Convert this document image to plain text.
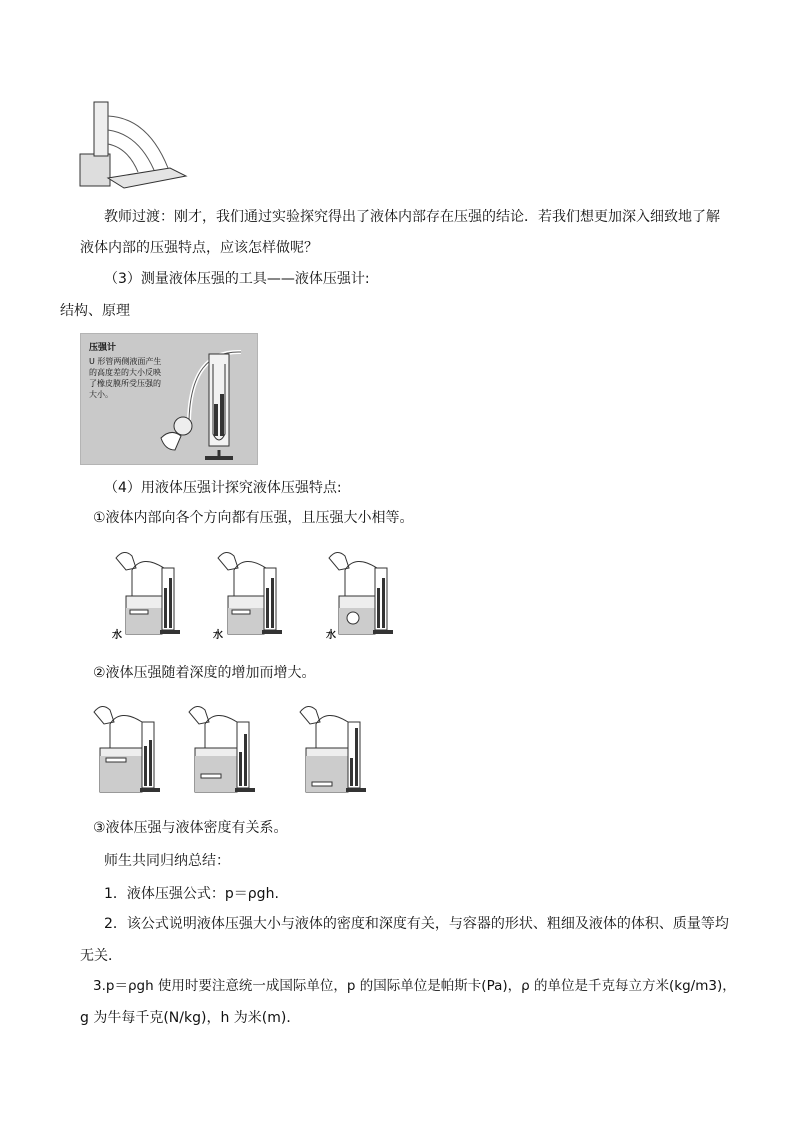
教师过渡：刚才，我们通过实验探究得出了液体内部存在压强的结论．若我们想更加深入细致地了解
液体内部的压强特点，应该怎样做呢？
（3）测量液体压强的工具——液体压强计:
结构、原理
压强计
U 形管两侧液面产生的高度差的大小反映了橡皮膜所受压强的大小。
（4）用液体压强计探究液体压强特点:
①液体内部向各个方向都有压强，且压强大小相等。
水	水	水
②液体压强随着深度的增加而增大。
③液体压强与液体密度有关系。
师生共同归纳总结：
1．液体压强公式：p＝ρgh.
2．该公式说明液体压强大小与液体的密度和深度有关，与容器的形状、粗细及液体的体积、质量等均
无关．
3.p＝ρgh 使用时要注意统一成国际单位，p 的国际单位是帕斯卡(Pa)，ρ 的单位是千克每立方米(kg/m3)，
g 为牛每千克(N/kg)，h 为米(m)．
